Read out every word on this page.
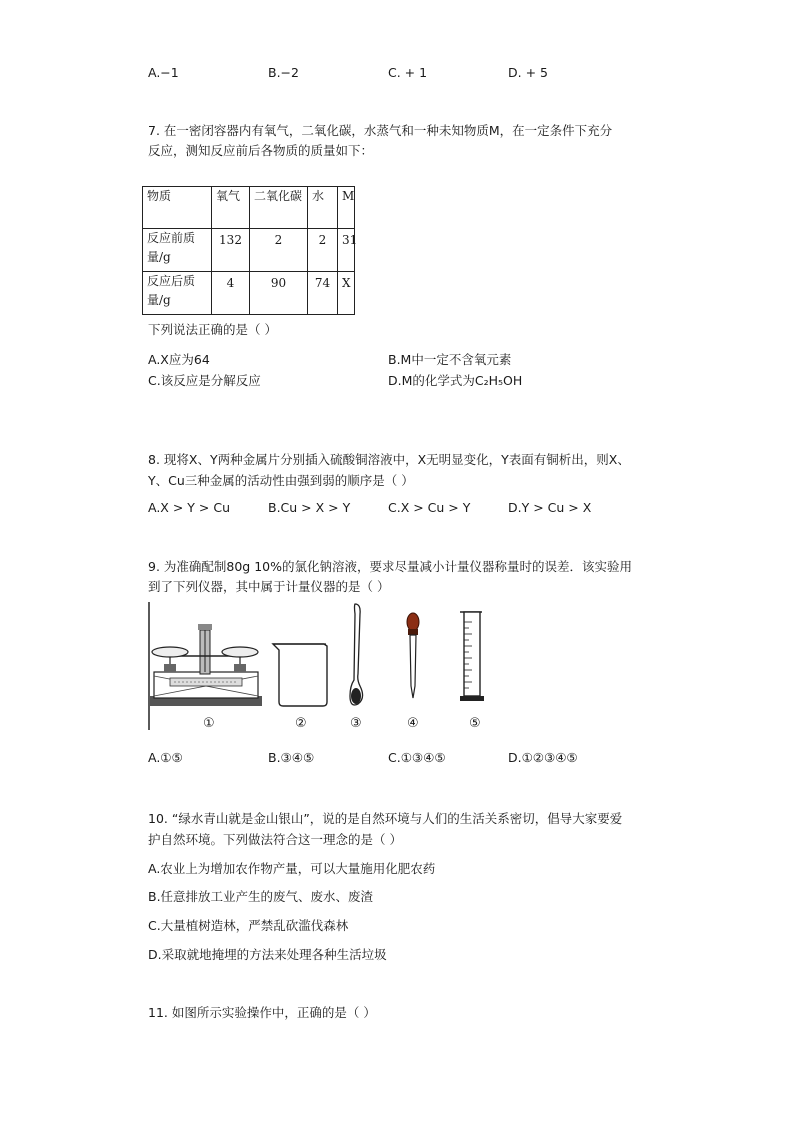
A.−1	B.−2	C. + 1	D. + 5
7. 在一密闭容器内有氧气，二氧化碳，水蒸气和一种未知物质M，在一定条件下充分
反应，测知反应前后各物质的质量如下：
物质	氧气	二氧化碳	水	M
反应前质量/g	132	2	2	31
反应后质量/g	4	90	74	X
下列说法正确的是（ ）
A.X应为64	B.M中一定不含氧元素
C.该反应是分解反应	D.M的化学式为C₂H₅OH
8. 现将X、Y两种金属片分别插入硫酸铜溶液中，X无明显变化，Y表面有铜析出，则X、
Y、Cu三种金属的活动性由强到弱的顺序是（ ）
A.X > Y > Cu	B.Cu > X > Y	C.X > Cu > Y	D.Y > Cu > X
9. 为准确配制80g 10%的氯化钠溶液，要求尽量减小计量仪器称量时的误差．该实验用
到了下列仪器，其中属于计量仪器的是（ ）
①	②	③	④	⑤
A.①⑤	B.③④⑤	C.①③④⑤	D.①②③④⑤
10. “绿水青山就是金山银山”，说的是自然环境与人们的生活关系密切，倡导大家要爱
护自然环境。下列做法符合这一理念的是（ ）
A.农业上为增加农作物产量，可以大量施用化肥农药
B.任意排放工业产生的废气、废水、废渣
C.大量植树造林，严禁乱砍滥伐森林
D.采取就地掩埋的方法来处理各种生活垃圾
11. 如图所示实验操作中，正确的是（ ）
